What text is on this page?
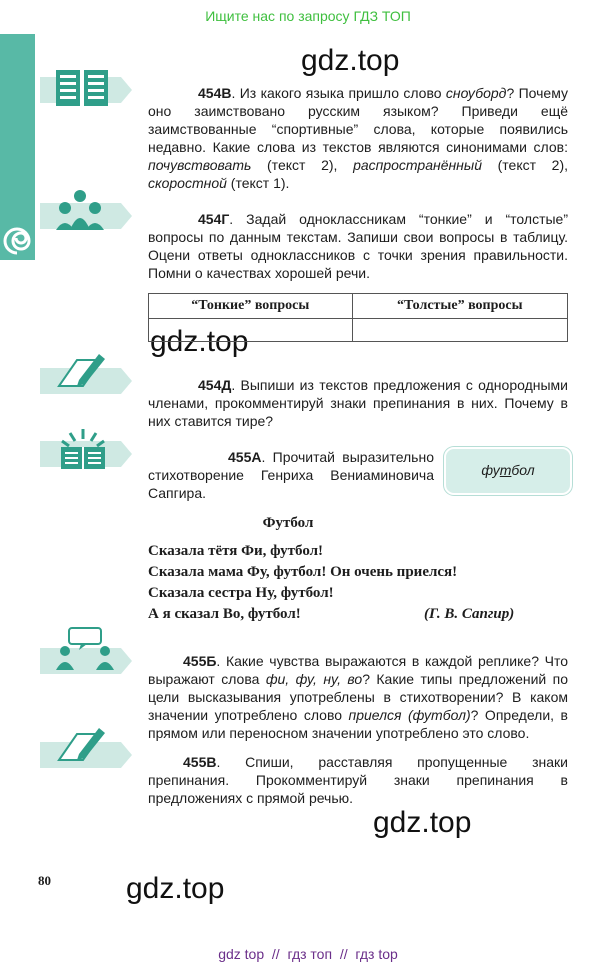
Ищите нас по запросу ГДЗ ТОП
gdz.top
gdz.top
gdz.top
gdz.top
454В. Из какого языка пришло слово сноуборд? Почему оно заимствовано русским языком? Приведи ещё заимствованные “спортивные” слова, которые появились недавно. Какие слова из текстов являются синонимами слов: почувствовать (текст 2), распространённый (текст 2), скоростной (текст 1).
454Г. Задай одноклассникам “тонкие” и “толстые” вопросы по данным текстам. Запиши свои вопросы в таблицу. Оцени ответы одноклассников с точки зрения правильности. Помни о качествах хорошей речи.
“Тонкие” вопросы	“Толстые” вопросы

454Д. Выпиши из текстов предложения с однородными членами, прокомментируй знаки препинания в них. Почему в них ставится тире?
455А. Прочитай выразительно стихотворение Генриха Вениаминовича Сапгира.
футбол
Футбол
Сказала тётя Фи, футбол!
Сказала мама Фу, футбол! Он очень приелся!
Сказала сестра Ну, футбол!
А я сказал Во, футбол!	(Г. В. Сапгир)
455Б. Какие чувства выражаются в каждой реплике? Что выражают слова фи, фу, ну, во? Какие типы предложений по цели высказывания употреблены в стихотворении? В каком значении употреблено слово приелся (футбол)? Определи, в прямом или переносном значении употреблено это слово.
455В. Спиши, расставляя пропущенные знаки препинания. Прокомментируй знаки препинания в предложениях с прямой речью.
80
gdz top  //  гдз топ  //  гдз top
